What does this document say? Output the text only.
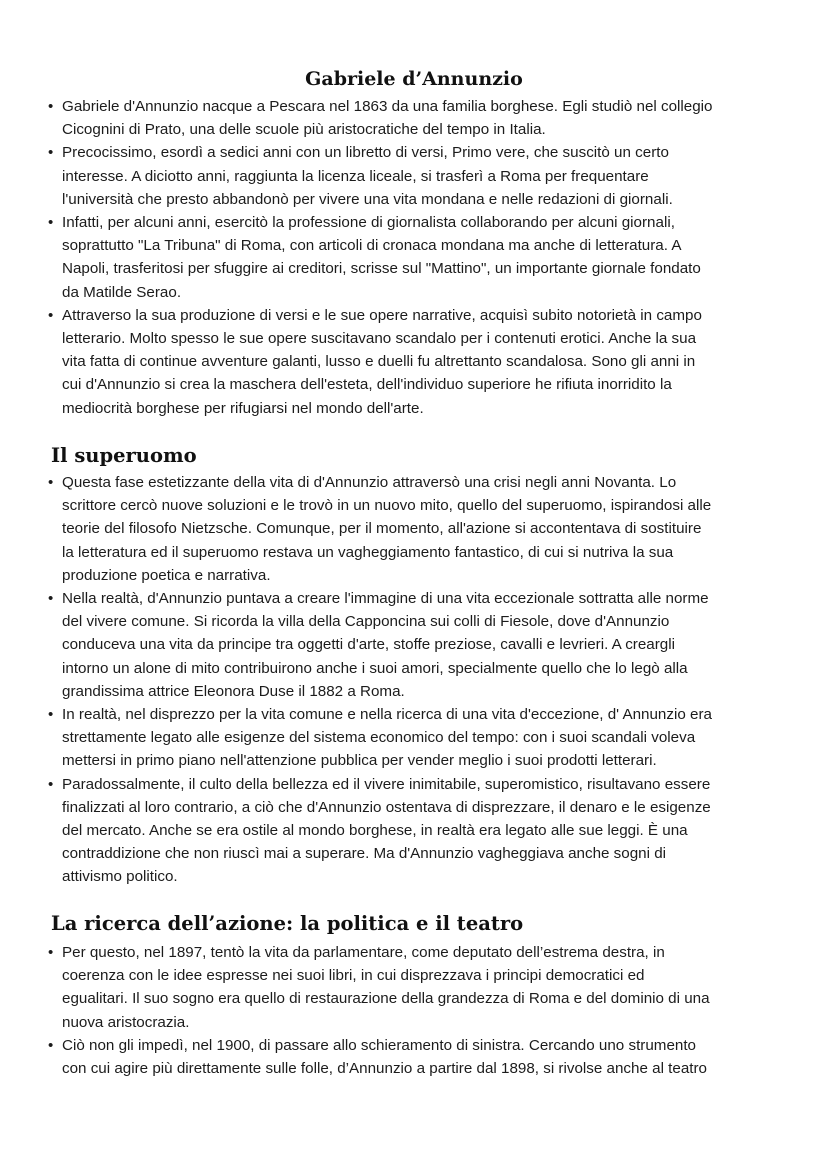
Gabriele d’Annunzio
• Gabriele d'Annunzio nacque a Pescara nel 1863 da una familia borghese. Egli studiò nel collegio
Cicognini di Prato, una delle scuole più aristocratiche del tempo in Italia.
• Precocissimo, esordì a sedici anni con un libretto di versi, Primo vere, che suscitò un certo
interesse. A diciotto anni, raggiunta la licenza liceale, si trasferì a Roma per frequentare
l'università che presto abbandonò per vivere una vita mondana e nelle redazioni di giornali.
• Infatti, per alcuni anni, esercitò la professione di giornalista collaborando per alcuni giornali,
soprattutto "La Tribuna" di Roma, con articoli di cronaca mondana ma anche di letteratura. A
Napoli, trasferitosi per sfuggire ai creditori, scrisse sul "Mattino", un importante giornale fondato
da Matilde Serao.
• Attraverso la sua produzione di versi e le sue opere narrative, acquisì subito notorietà in campo
letterario. Molto spesso le sue opere suscitavano scandalo per i contenuti erotici. Anche la sua
vita fatta di continue avventure galanti, lusso e duelli fu altrettanto scandalosa. Sono gli anni in
cui d'Annunzio si crea la maschera dell'esteta, dell'individuo superiore he rifiuta inorridito la
mediocrità borghese per rifugiarsi nel mondo dell'arte.
Il superuomo
• Questa fase estetizzante della vita di d'Annunzio attraversò una crisi negli anni Novanta. Lo
scrittore cercò nuove soluzioni e le trovò in un nuovo mito, quello del superuomo, ispirandosi alle
teorie del filosofo Nietzsche. Comunque, per il momento, all'azione si accontentava di sostituire
la letteratura ed il superuomo restava un vagheggiamento fantastico, di cui si nutriva la sua
produzione poetica e narrativa.
• Nella realtà, d'Annunzio puntava a creare l'immagine di una vita eccezionale sottratta alle norme
del vivere comune. Si ricorda la villa della Capponcina sui colli di Fiesole, dove d'Annunzio
conduceva una vita da principe tra oggetti d'arte, stoffe preziose, cavalli e levrieri. A creargli
intorno un alone di mito contribuirono anche i suoi amori, specialmente quello che lo legò alla
grandissima attrice Eleonora Duse il 1882 a Roma.
• In realtà, nel disprezzo per la vita comune e nella ricerca di una vita d'eccezione, d' Annunzio era
strettamente legato alle esigenze del sistema economico del tempo: con i suoi scandali voleva
mettersi in primo piano nell'attenzione pubblica per vender meglio i suoi prodotti letterari.
• Paradossalmente, il culto della bellezza ed il vivere inimitabile, superomistico, risultavano essere
finalizzati al loro contrario, a ciò che d'Annunzio ostentava di disprezzare, il denaro e le esigenze
del mercato. Anche se era ostile al mondo borghese, in realtà era legato alle sue leggi. È una
contraddizione che non riuscì mai a superare. Ma d'Annunzio vagheggiava anche sogni di
attivismo politico.
La ricerca dell’azione: la politica e il teatro
• Per questo, nel 1897, tentò la vita da parlamentare, come deputato dell’estrema destra, in
coerenza con le idee espresse nei suoi libri, in cui disprezzava i principi democratici ed
egualitari. Il suo sogno era quello di restaurazione della grandezza di Roma e del dominio di una
nuova aristocrazia.
• Ciò non gli impedì, nel 1900, di passare allo schieramento di sinistra. Cercando uno strumento
con cui agire più direttamente sulle folle, d’Annunzio a partire dal 1898, si rivolse anche al teatro
